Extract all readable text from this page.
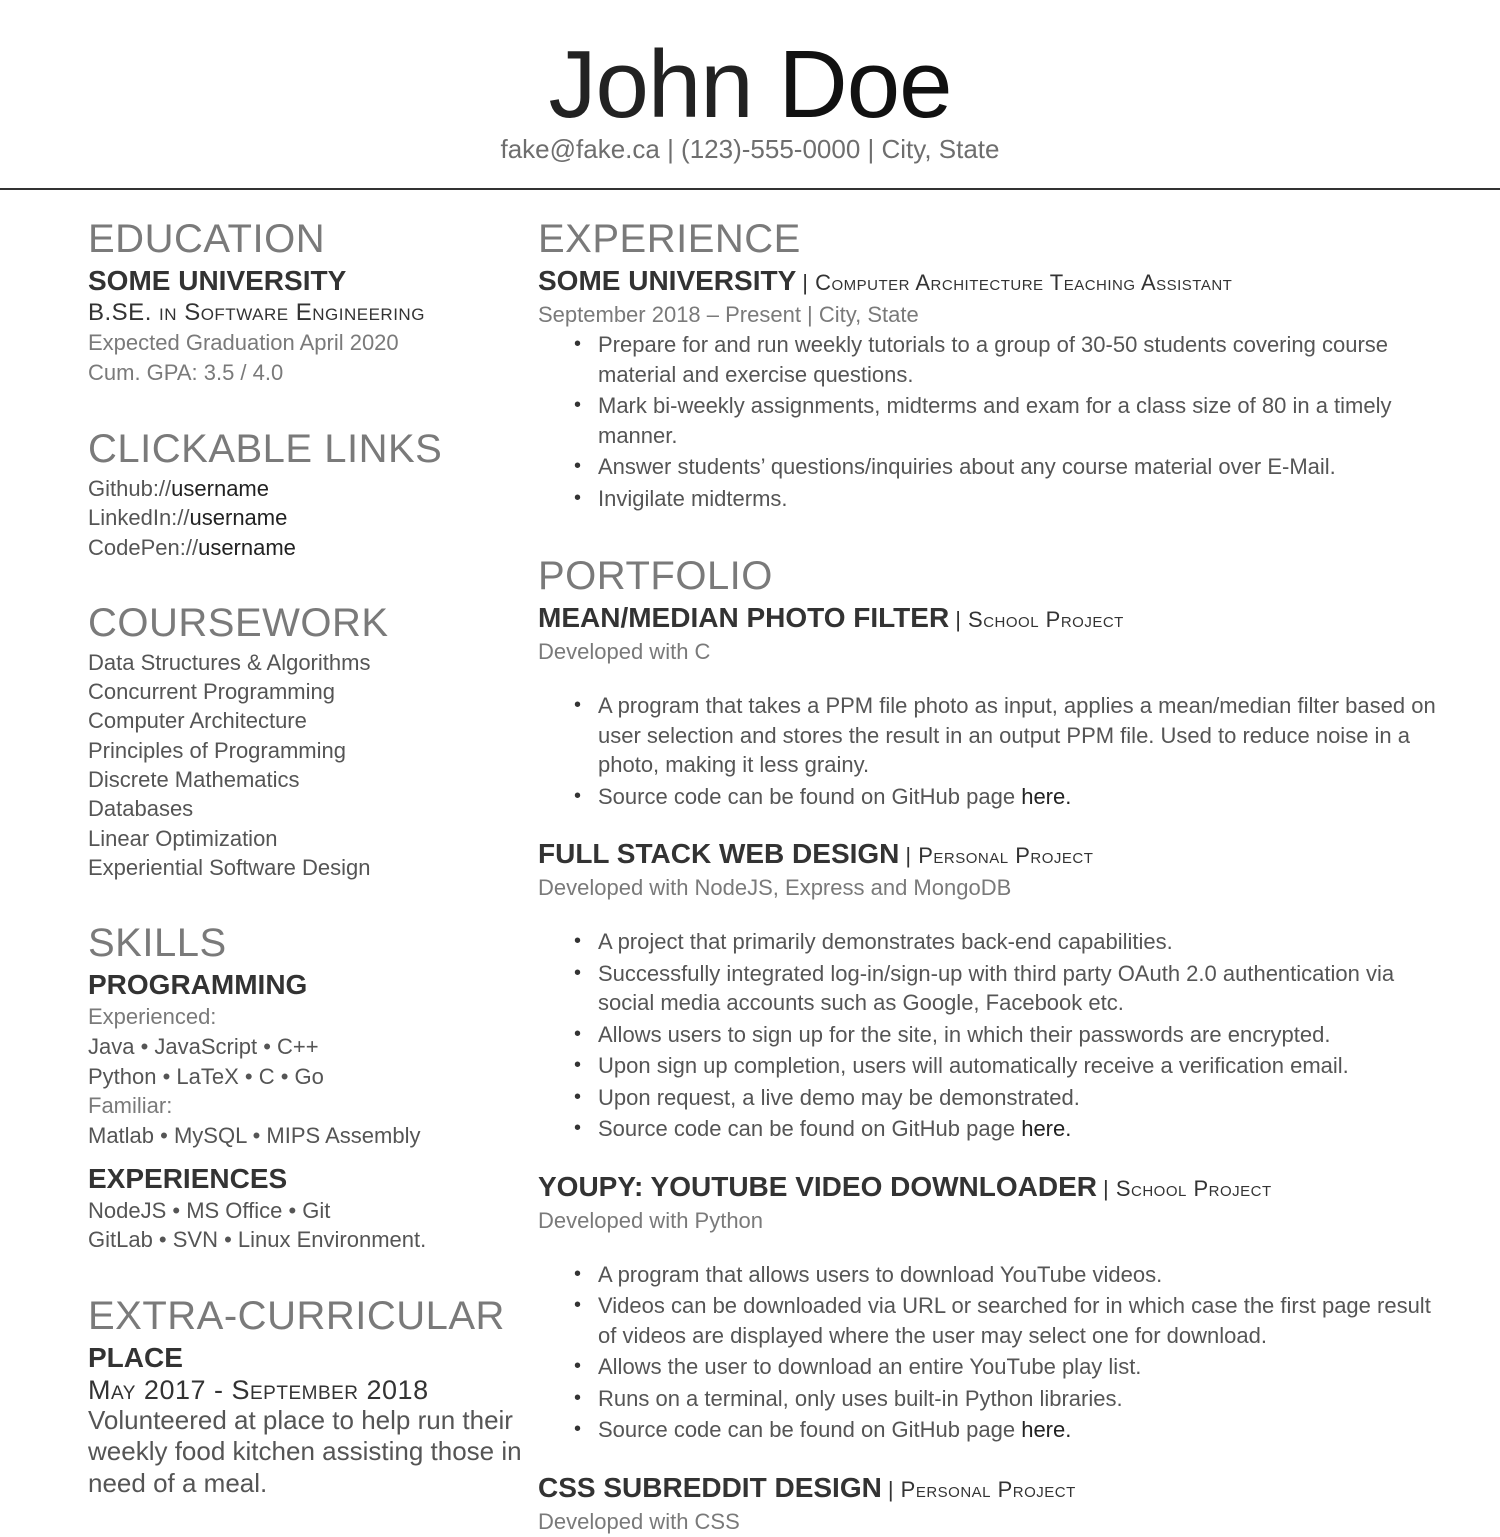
John Doe
fake@fake.ca | (123)-555-0000 | City, State
EDUCATION
SOME UNIVERSITY
B.SE. in Software Engineering
Expected Graduation April 2020
Cum. GPA: 3.5 / 4.0
CLICKABLE LINKS
Github://username
LinkedIn://username
CodePen://username
COURSEWORK
Data Structures & Algorithms
Concurrent Programming
Computer Architecture
Principles of Programming
Discrete Mathematics
Databases
Linear Optimization
Experiential Software Design
SKILLS
PROGRAMMING
Experienced:
Java • JavaScript • C++
Python • LaTeX • C • Go
Familiar:
Matlab • MySQL • MIPS Assembly
EXPERIENCES
NodeJS • MS Office • Git
GitLab • SVN • Linux Environment.
EXTRA-CURRICULAR
PLACE
May 2017 - September 2018
Volunteered at place to help run their weekly food kitchen assisting those in need of a meal.
EXPERIENCE
SOME UNIVERSITY | Computer Architecture Teaching Assistant
September 2018 – Present | City, State
• Prepare for and run weekly tutorials to a group of 30-50 students covering course material and exercise questions.
• Mark bi-weekly assignments, midterms and exam for a class size of 80 in a timely manner.
• Answer students’ questions/inquiries about any course material over E-Mail.
• Invigilate midterms.
PORTFOLIO
MEAN/MEDIAN PHOTO FILTER | School Project
Developed with C
• A program that takes a PPM file photo as input, applies a mean/median filter based on user selection and stores the result in an output PPM file. Used to reduce noise in a photo, making it less grainy.
• Source code can be found on GitHub page here.
FULL STACK WEB DESIGN | Personal Project
Developed with NodeJS, Express and MongoDB
• A project that primarily demonstrates back-end capabilities.
• Successfully integrated log-in/sign-up with third party OAuth 2.0 authentication via social media accounts such as Google, Facebook etc.
• Allows users to sign up for the site, in which their passwords are encrypted.
• Upon sign up completion, users will automatically receive a verification email.
• Upon request, a live demo may be demonstrated.
• Source code can be found on GitHub page here.
YOUPY: YOUTUBE VIDEO DOWNLOADER | School Project
Developed with Python
• A program that allows users to download YouTube videos.
• Videos can be downloaded via URL or searched for in which case the first page result of videos are displayed where the user may select one for download.
• Allows the user to download an entire YouTube play list.
• Runs on a terminal, only uses built-in Python libraries.
• Source code can be found on GitHub page here.
CSS SUBREDDIT DESIGN | Personal Project
Developed with CSS
